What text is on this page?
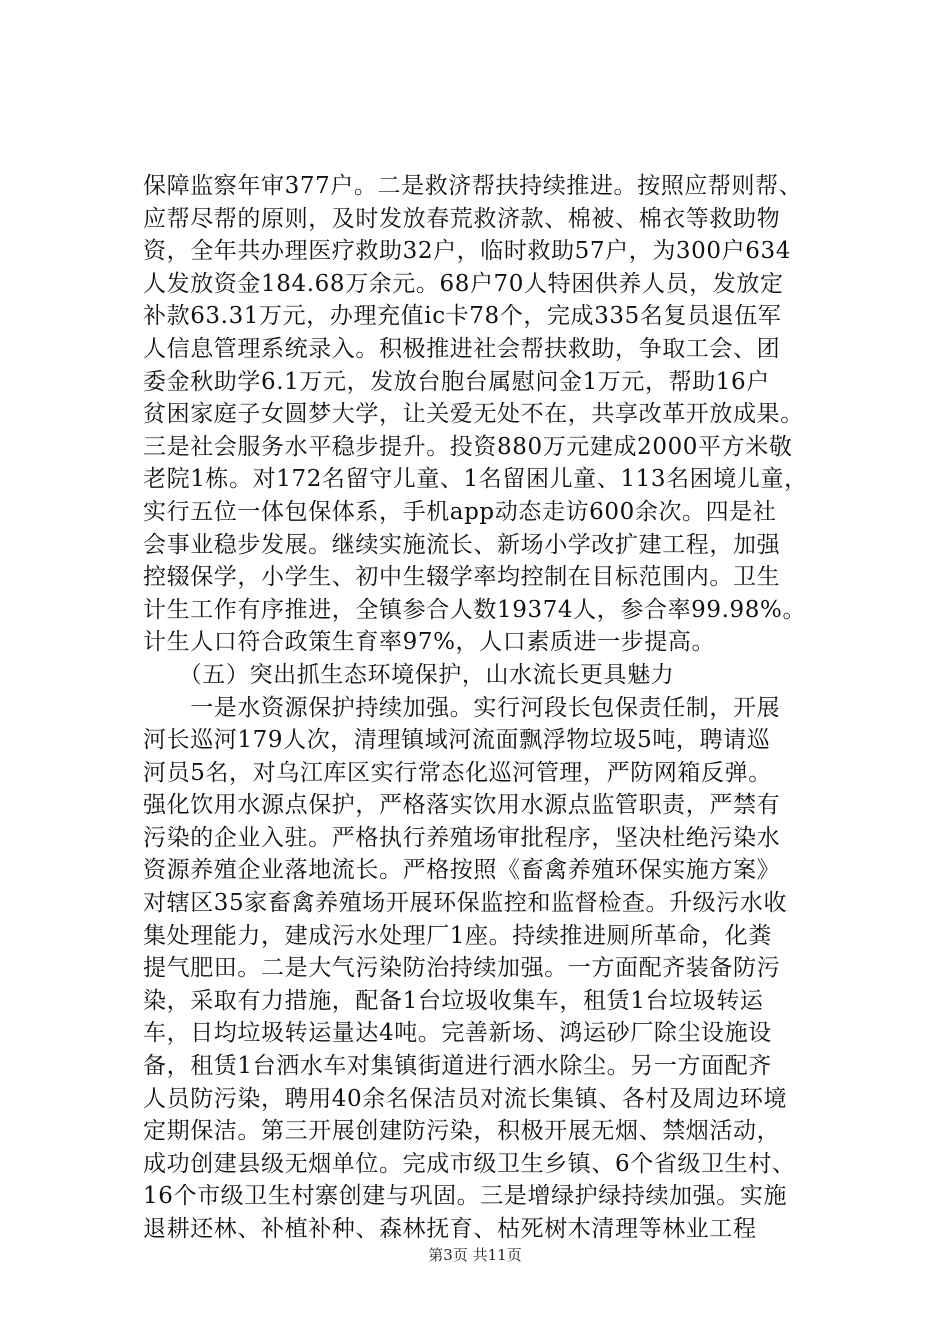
保障监察年审377户。二是救济帮扶持续推进。按照应帮则帮、
应帮尽帮的原则，及时发放春荒救济款、棉被、棉衣等救助物
资，全年共办理医疗救助32户，临时救助57户，为300户634
人发放资金184.68万余元。68户70人特困供养人员，发放定
补款63.31万元，办理充值ic卡78个，完成335名复员退伍军
人信息管理系统录入。积极推进社会帮扶救助，争取工会、团
委金秋助学6.1万元，发放台胞台属慰问金1万元，帮助16户
贫困家庭子女圆梦大学，让关爱无处不在，共享改革开放成果。
三是社会服务水平稳步提升。投资880万元建成2000平方米敬
老院1栋。对172名留守儿童、1名留困儿童、113名困境儿童，
实行五位一体包保体系，手机app动态走访600余次。四是社
会事业稳步发展。继续实施流长、新场小学改扩建工程，加强
控辍保学，小学生、初中生辍学率均控制在目标范围内。卫生
计生工作有序推进，全镇参合人数19374人，参合率99.98%。
计生人口符合政策生育率97%，人口素质进一步提高。
　　（五）突出抓生态环境保护，山水流长更具魅力
　　一是水资源保护持续加强。实行河段长包保责任制，开展
河长巡河179人次，清理镇域河流面飘浮物垃圾5吨，聘请巡
河员5名，对乌江库区实行常态化巡河管理，严防网箱反弹。
强化饮用水源点保护，严格落实饮用水源点监管职责，严禁有
污染的企业入驻。严格执行养殖场审批程序，坚决杜绝污染水
资源养殖企业落地流长。严格按照《畜禽养殖环保实施方案》
对辖区35家畜禽养殖场开展环保监控和监督检查。升级污水收
集处理能力，建成污水处理厂1座。持续推进厕所革命，化粪
提气肥田。二是大气污染防治持续加强。一方面配齐装备防污
染，采取有力措施，配备1台垃圾收集车，租赁1台垃圾转运
车，日均垃圾转运量达4吨。完善新场、鸿运砂厂除尘设施设
备，租赁1台洒水车对集镇街道进行洒水除尘。另一方面配齐
人员防污染，聘用40余名保洁员对流长集镇、各村及周边环境
定期保洁。第三开展创建防污染，积极开展无烟、禁烟活动，
成功创建县级无烟单位。完成市级卫生乡镇、6个省级卫生村、
16个市级卫生村寨创建与巩固。三是增绿护绿持续加强。实施
退耕还林、补植补种、森林抚育、枯死树木清理等林业工程
第3页 共11页
